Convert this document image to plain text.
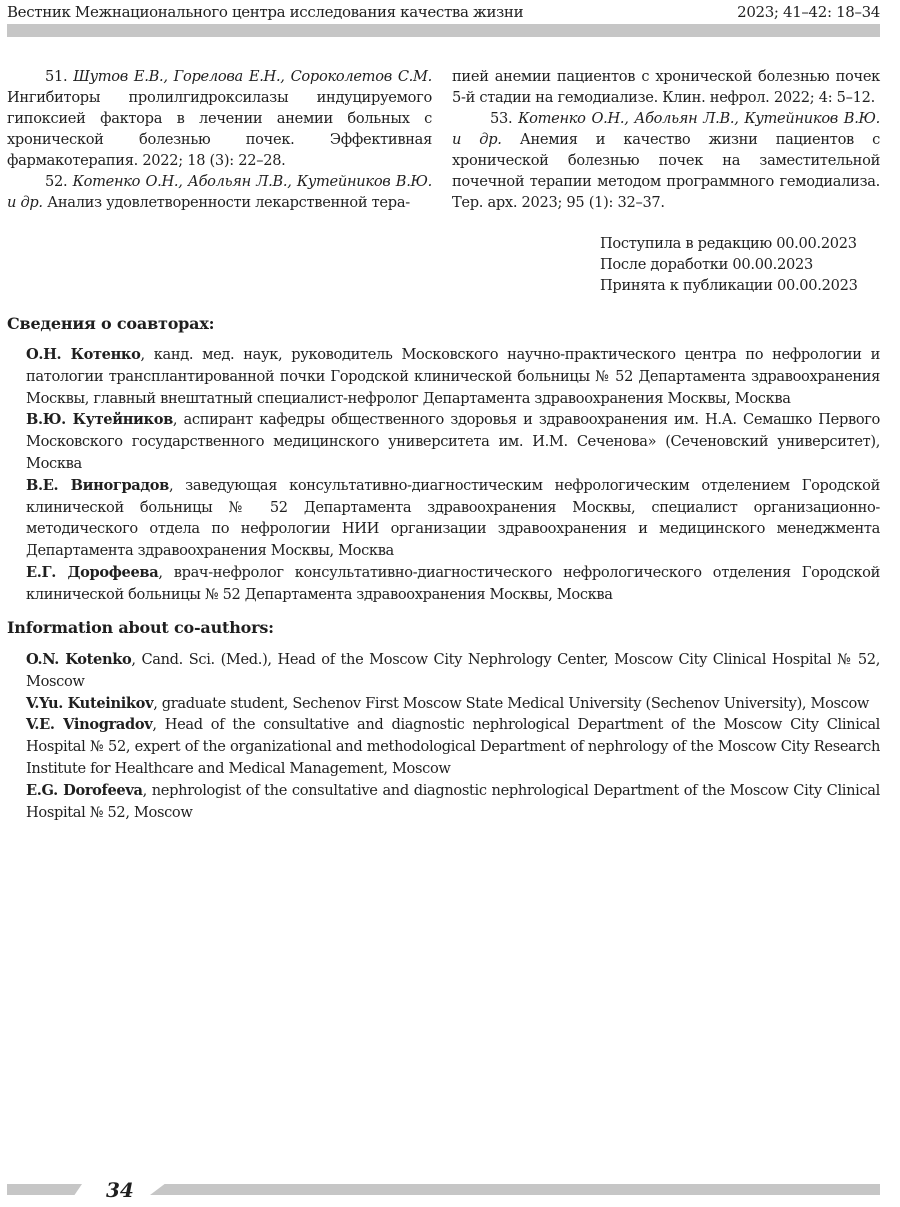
Вестник Межнационального центра исследования качества жизни	2023; 41–42: 18–34

51. Шутов Е.В., Горелова Е.Н., Сороколетов С.М. Ингибиторы пролилгидроксилазы индуцируемого гипоксией фактора в лечении анемии больных с хронической болезнью почек. Эффективная фармакотерапия. 2022; 18 (3): 22–28.

52. Котенко О.Н., Абольян Л.В., Кутейников В.Ю. и др. Анализ удовлетворенности лекарственной тера-

пией анемии пациентов с хронической болезнью почек 5-й стадии на гемодиализе. Клин. нефрол. 2022; 4: 5–12.

53. Котенко О.Н., Абольян Л.В., Кутейников В.Ю. и др. Анемия и качество жизни пациентов с хронической болезнью почек на заместительной почечной терапии методом программного гемодиализа. Тер. арх. 2023; 95 (1): 32–37.

Поступила в редакцию 00.00.2023
После доработки 00.00.2023
Принята к публикации 00.00.2023
Сведения о соавторах:

О.Н. Котенко, канд. мед. наук, руководитель Московского научно-практического центра по нефрологии и патологии трансплантированной почки Городской клинической больницы № 52 Департамента здравоохранения Москвы, главный внештатный специалист-нефролог Департамента здравоохранения Москвы, Москва

В.Ю. Кутейников, аспирант кафедры общественного здоровья и здравоохранения им. Н.А. Семашко Первого Московского государственного медицинского университета им. И.М. Сеченова» (Сеченовский университет), Москва

В.Е. Виноградов, заведующая консультативно-диагностическим нефрологическим отделением Городской клинической больницы № 52 Департамента здравоохранения Москвы, специалист организационно-методического отдела по нефрологии НИИ организации здравоохранения и медицинского менеджмента Департамента здравоохранения Москвы, Москва

Е.Г. Дорофеева, врач-нефролог консультативно-диагностического нефрологического отделения Городской клинической больницы № 52 Департамента здравоохранения Москвы, Москва

Information about co-authors:

O.N. Kotenko, Cand. Sci. (Med.), Head of the Moscow City Nephrology Center, Moscow City Clinical Hospital № 52, Moscow

V.Yu. Kuteinikov, graduate student, Sechenov First Moscow State Medical University (Sechenov University), Moscow

V.E. Vinogradov, Head of the consultative and diagnostic nephrological Department of the Moscow City Clinical Hospital № 52, expert of the organizational and methodological Department of nephrology of the Moscow City Research Institute for Healthcare and Medical Management, Moscow

E.G. Dorofeeva, nephrologist of the consultative and diagnostic nephrological Department of the Moscow City Clinical Hospital № 52, Moscow

34
